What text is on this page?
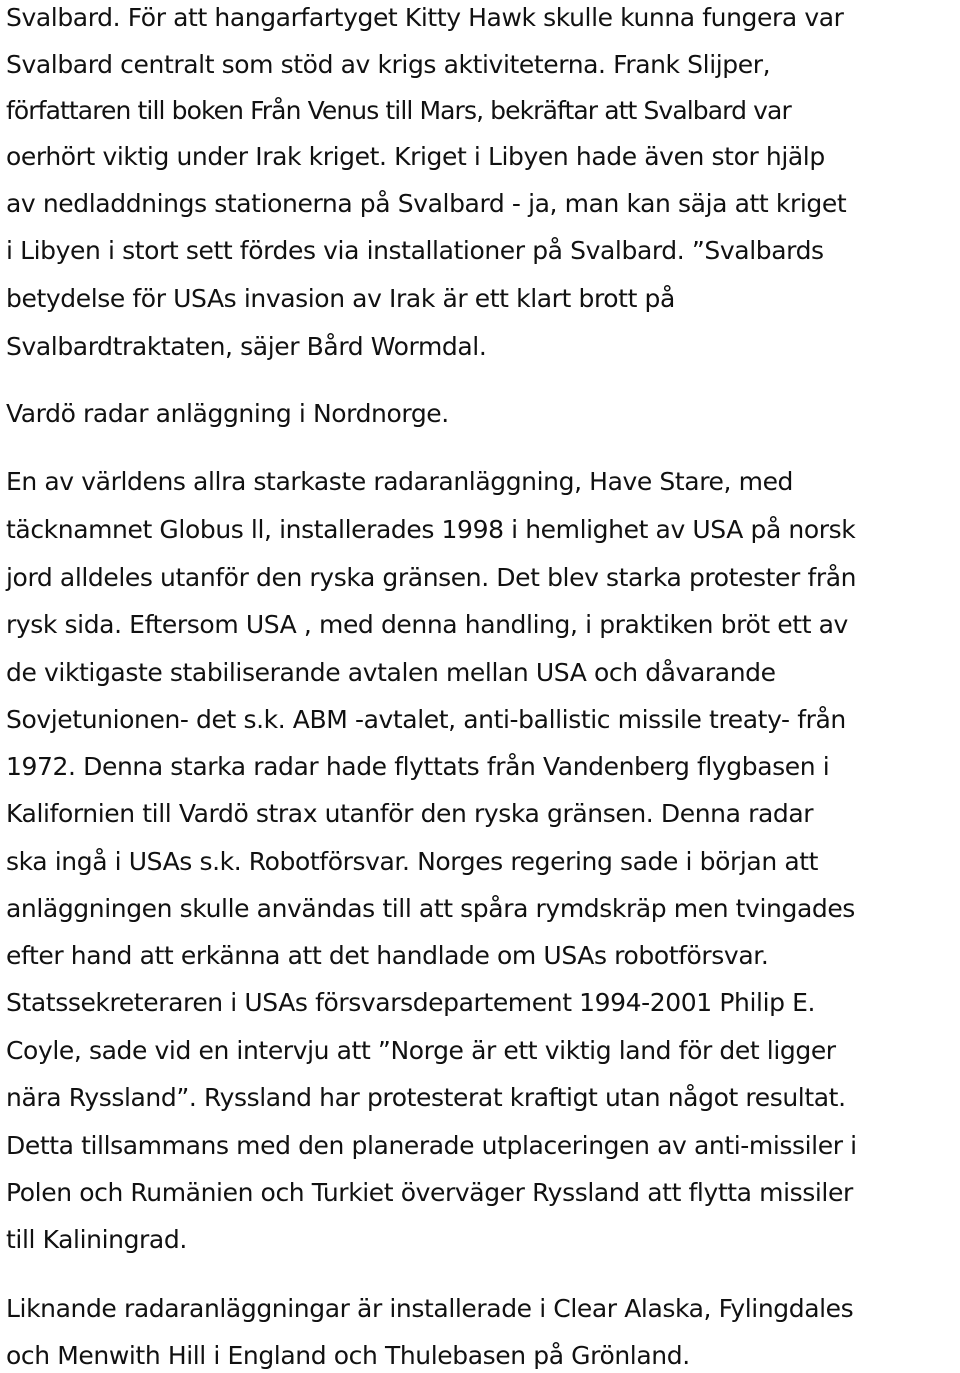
Svalbard. För att hangarfartyget Kitty Hawk skulle kunna fungera var
Svalbard centralt som stöd av krigs aktiviteterna. Frank Slijper,
författaren till boken Från Venus till Mars, bekräftar att Svalbard var
oerhört viktig under Irak kriget. Kriget i Libyen hade även stor hjälp
av nedladdnings stationerna på Svalbard - ja, man kan säja att kriget
i Libyen i stort sett fördes via installationer på Svalbard. ”Svalbards
betydelse för USAs invasion av Irak är ett klart brott på
Svalbardtraktaten, säjer Bård Wormdal.
Vardö radar anläggning i Nordnorge.
En av världens allra starkaste radaranläggning, Have Stare, med
täcknamnet Globus ll, installerades 1998 i hemlighet av USA på norsk
jord alldeles utanför den ryska gränsen. Det blev starka protester från
rysk sida. Eftersom USA , med denna handling, i praktiken bröt ett av
de viktigaste stabiliserande avtalen mellan USA och dåvarande
Sovjetunionen- det s.k. ABM -avtalet, anti-ballistic missile treaty- från
1972. Denna starka radar hade flyttats från Vandenberg flygbasen i
Kalifornien till Vardö strax utanför den ryska gränsen. Denna radar
ska ingå i USAs s.k. Robotförsvar. Norges regering sade i början att
anläggningen skulle användas till att spåra rymdskräp men tvingades
efter hand att erkänna att det handlade om USAs robotförsvar.
Statssekreteraren i USAs försvarsdepartement 1994-2001 Philip E.
Coyle, sade vid en intervju att ”Norge är ett viktig land för det ligger
nära Ryssland”. Ryssland har protesterat kraftigt utan något resultat.
Detta tillsammans med den planerade utplaceringen av anti-missiler i
Polen och Rumänien och Turkiet överväger Ryssland att flytta missiler
till Kaliningrad.
Liknande radaranläggningar är installerade i Clear Alaska, Fylingdales
och Menwith Hill i England och Thulebasen på Grönland.
